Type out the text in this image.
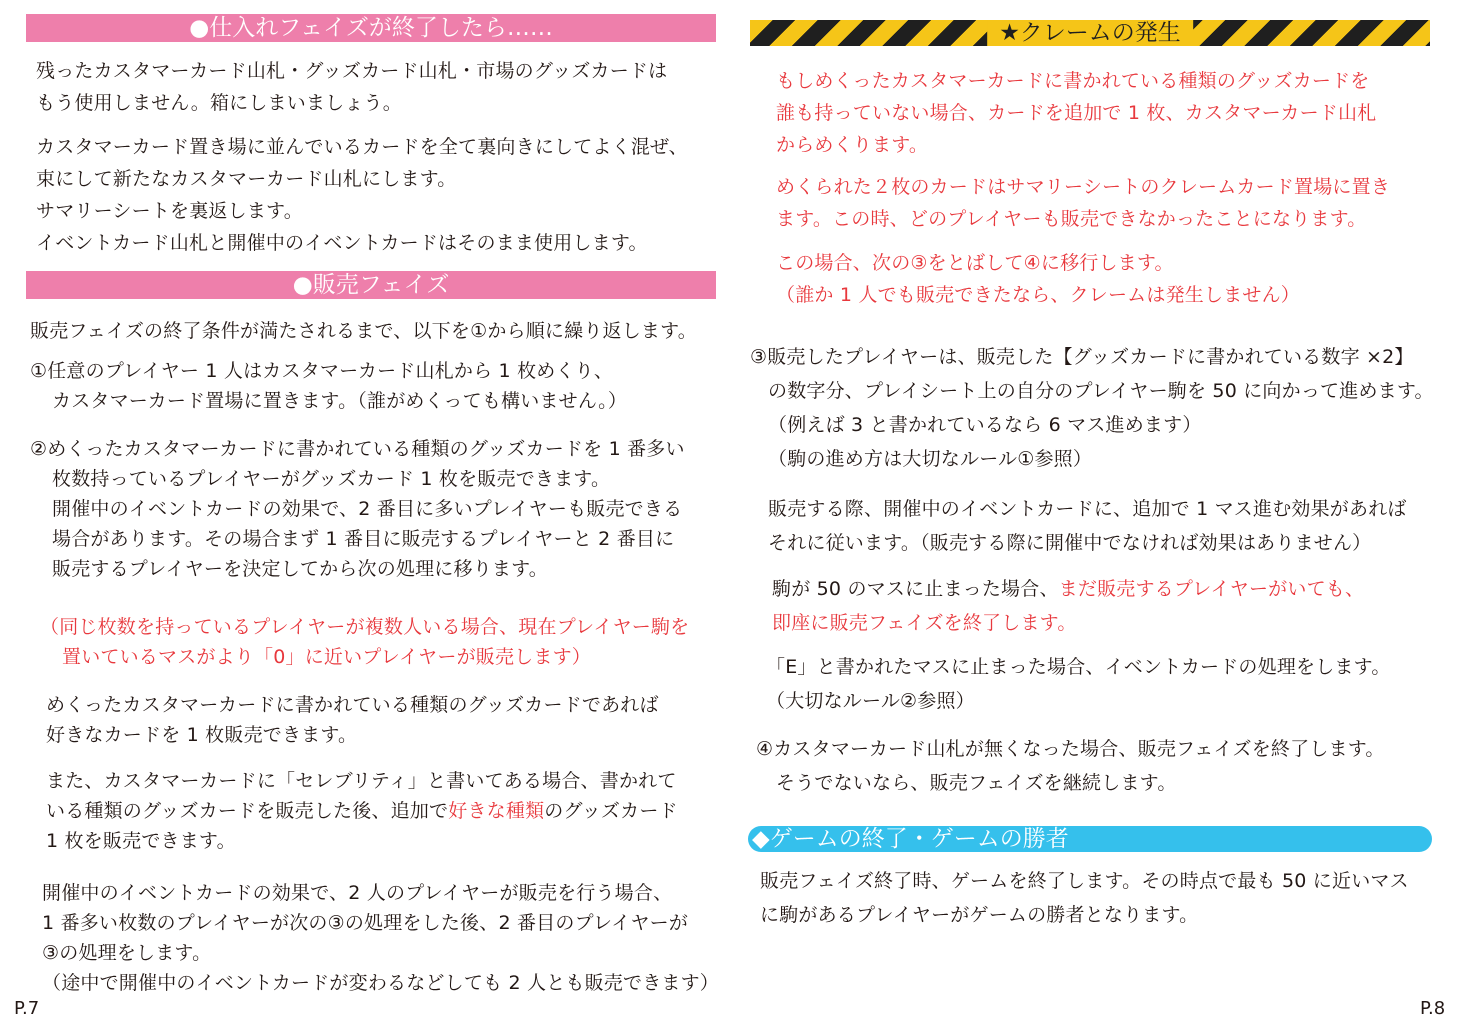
●仕入れフェイズが終了したら……
残ったカスタマーカード山札・グッズカード山札・市場のグッズカードは
もう使用しません。箱にしまいましょう。
カスタマーカード置き場に並んでいるカードを全て裏向きにしてよく混ぜ、
束にして新たなカスタマーカード山札にします。
サマリーシートを裏返します。
イベントカード山札と開催中のイベントカードはそのまま使用します。
●販売フェイズ
販売フェイズの終了条件が満たされるまで、以下を①から順に繰り返します。
①任意のプレイヤー 1 人はカスタマーカード山札から 1 枚めくり、
カスタマーカード置場に置きます。（誰がめくっても構いません。）
②めくったカスタマーカードに書かれている種類のグッズカードを 1 番多い
枚数持っているプレイヤーがグッズカード 1 枚を販売できます。
開催中のイベントカードの効果で、2 番目に多いプレイヤーも販売できる
場合があります。その場合まず 1 番目に販売するプレイヤーと 2 番目に
販売するプレイヤーを決定してから次の処理に移ります。
（同じ枚数を持っているプレイヤーが複数人いる場合、現在プレイヤー駒を
置いているマスがより「0」に近いプレイヤーが販売します）
めくったカスタマーカードに書かれている種類のグッズカードであれば
好きなカードを 1 枚販売できます。
また、カスタマーカードに「セレブリティ」と書いてある場合、書かれて
いる種類のグッズカードを販売した後、追加で好きな種類のグッズカード
1 枚を販売できます。
開催中のイベントカードの効果で、2 人のプレイヤーが販売を行う場合、
1 番多い枚数のプレイヤーが次の③の処理をした後、2 番目のプレイヤーが
③の処理をします。
（途中で開催中のイベントカードが変わるなどしても 2 人とも販売できます）
P.7
★クレームの発生
もしめくったカスタマーカードに書かれている種類のグッズカードを
誰も持っていない場合、カードを追加で 1 枚、カスタマーカード山札
からめくります。
めくられた２枚のカードはサマリーシートのクレームカード置場に置き
ます。この時、どのプレイヤーも販売できなかったことになります。
この場合、次の③をとばして④に移行します。
（誰か 1 人でも販売できたなら、クレームは発生しません）
③販売したプレイヤーは、販売した【グッズカードに書かれている数字 ×2】
の数字分、プレイシート上の自分のプレイヤー駒を 50 に向かって進めます。
（例えば 3 と書かれているなら 6 マス進めます）
（駒の進め方は大切なルール①参照）
販売する際、開催中のイベントカードに、追加で 1 マス進む効果があれば
それに従います。（販売する際に開催中でなければ効果はありません）
駒が 50 のマスに止まった場合、まだ販売するプレイヤーがいても、
即座に販売フェイズを終了します。
「E」と書かれたマスに止まった場合、イベントカードの処理をします。
（大切なルール②参照）
④カスタマーカード山札が無くなった場合、販売フェイズを終了します。
そうでないなら、販売フェイズを継続します。
◆ゲームの終了・ゲームの勝者
販売フェイズ終了時、ゲームを終了します。その時点で最も 50 に近いマス
に駒があるプレイヤーがゲームの勝者となります。
P.8
